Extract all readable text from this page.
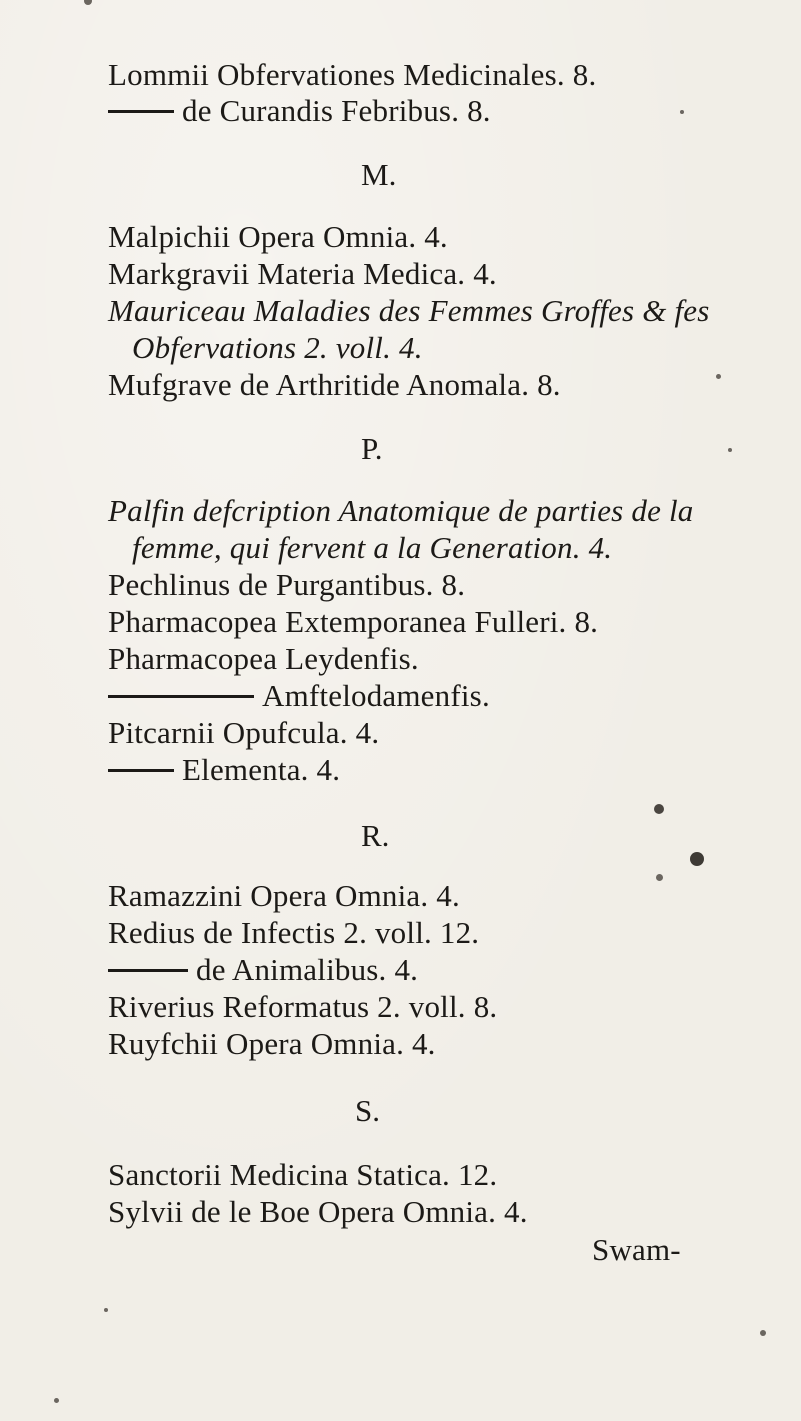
Lommii Obfervationes Medicinales. 8.
de Curandis Febribus. 8.
M.
Malpichii Opera Omnia. 4.
Markgravii Materia Medica. 4.
Mauriceau Maladies des Femmes Groffes & fes
Obfervations 2. voll. 4.
Mufgrave de Arthritide Anomala. 8.
P.
Palfin defcription Anatomique de parties de la
femme, qui fervent a la Generation. 4.
Pechlinus de Purgantibus. 8.
Pharmacopea Extemporanea Fulleri. 8.
Pharmacopea Leydenfis.
Amftelodamenfis.
Pitcarnii Opufcula. 4.
Elementa. 4.
R.
Ramazzini Opera Omnia. 4.
Redius de Infectis 2. voll. 12.
de Animalibus. 4.
Riverius Reformatus 2. voll. 8.
Ruyfchii Opera Omnia. 4.
S.
Sanctorii Medicina Statica. 12.
Sylvii de le Boe Opera Omnia. 4.
Swam-
